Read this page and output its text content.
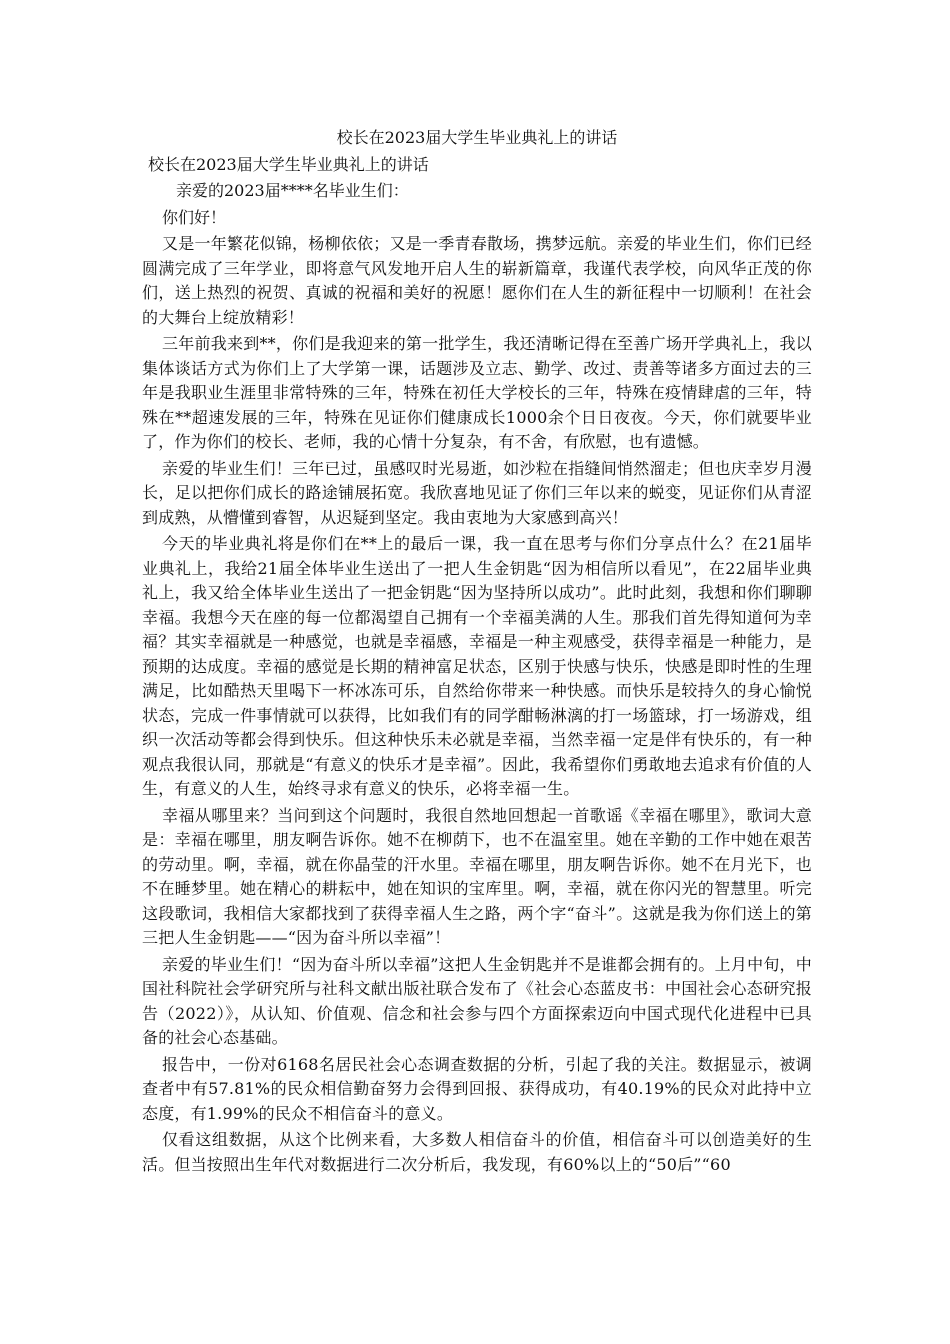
校长在2023届大学生毕业典礼上的讲话
校长在2023届大学生毕业典礼上的讲话
亲爱的2023届****名毕业生们：
你们好！

又是一年繁花似锦，杨柳依依；又是一季青春散场，携梦远航。亲爱的毕业生们，你们已经圆满完成了三年学业，即将意气风发地开启人生的崭新篇章，我谨代表学校，向风华正茂的你们，送上热烈的祝贺、真诚的祝福和美好的祝愿！愿你们在人生的新征程中一切顺利！在社会的大舞台上绽放精彩！

三年前我来到**，你们是我迎来的第一批学生，我还清晰记得在至善广场开学典礼上，我以集体谈话方式为你们上了大学第一课，话题涉及立志、勤学、改过、责善等诸多方面过去的三年是我职业生涯里非常特殊的三年，特殊在初任大学校长的三年，特殊在疫情肆虐的三年，特殊在**超速发展的三年，特殊在见证你们健康成长1000余个日日夜夜。今天，你们就要毕业了，作为你们的校长、老师，我的心情十分复杂，有不舍，有欣慰，也有遗憾。

亲爱的毕业生们！三年已过，虽感叹时光易逝，如沙粒在指缝间悄然溜走；但也庆幸岁月漫长，足以把你们成长的路途铺展拓宽。我欣喜地见证了你们三年以来的蜕变，见证你们从青涩到成熟，从懵懂到睿智，从迟疑到坚定。我由衷地为大家感到高兴！

今天的毕业典礼将是你们在**上的最后一课，我一直在思考与你们分享点什么？在21届毕业典礼上，我给21届全体毕业生送出了一把人生金钥匙“因为相信所以看见”，在22届毕业典礼上，我又给全体毕业生送出了一把金钥匙“因为坚持所以成功”。此时此刻，我想和你们聊聊幸福。我想今天在座的每一位都渴望自己拥有一个幸福美满的人生。那我们首先得知道何为幸福？其实幸福就是一种感觉，也就是幸福感，幸福是一种主观感受，获得幸福是一种能力，是预期的达成度。幸福的感觉是长期的精神富足状态，区别于快感与快乐，快感是即时性的生理满足，比如酷热天里喝下一杯冰冻可乐，自然给你带来一种快感。而快乐是较持久的身心愉悦状态，完成一件事情就可以获得，比如我们有的同学酣畅淋漓的打一场篮球，打一场游戏，组织一次活动等都会得到快乐。但这种快乐未必就是幸福，当然幸福一定是伴有快乐的，有一种观点我很认同，那就是“有意义的快乐才是幸福”。因此，我希望你们勇敢地去追求有价值的人生，有意义的人生，始终寻求有意义的快乐，必将幸福一生。

幸福从哪里来？当问到这个问题时，我很自然地回想起一首歌谣《幸福在哪里》，歌词大意是：幸福在哪里，朋友啊告诉你。她不在柳荫下，也不在温室里。她在辛勤的工作中她在艰苦的劳动里。啊，幸福，就在你晶莹的汗水里。幸福在哪里，朋友啊告诉你。她不在月光下，也不在睡梦里。她在精心的耕耘中，她在知识的宝库里。啊，幸福，就在你闪光的智慧里。听完这段歌词，我相信大家都找到了获得幸福人生之路，两个字“奋斗”。这就是我为你们送上的第三把人生金钥匙——“因为奋斗所以幸福”！

亲爱的毕业生们！“因为奋斗所以幸福”这把人生金钥匙并不是谁都会拥有的。上月中旬，中国社科院社会学研究所与社科文献出版社联合发布了《社会心态蓝皮书：中国社会心态研究报告（2022）》，从认知、价值观、信念和社会参与四个方面探索迈向中国式现代化进程中已具备的社会心态基础。

报告中，一份对6168名居民社会心态调查数据的分析，引起了我的关注。数据显示，被调查者中有57.81%的民众相信勤奋努力会得到回报、获得成功，有40.19%的民众对此持中立态度，有1.99%的民众不相信奋斗的意义。

仅看这组数据，从这个比例来看，大多数人相信奋斗的价值，相信奋斗可以创造美好的生活。但当按照出生年代对数据进行二次分析后，我发现，有60%以上的“50后”“60
